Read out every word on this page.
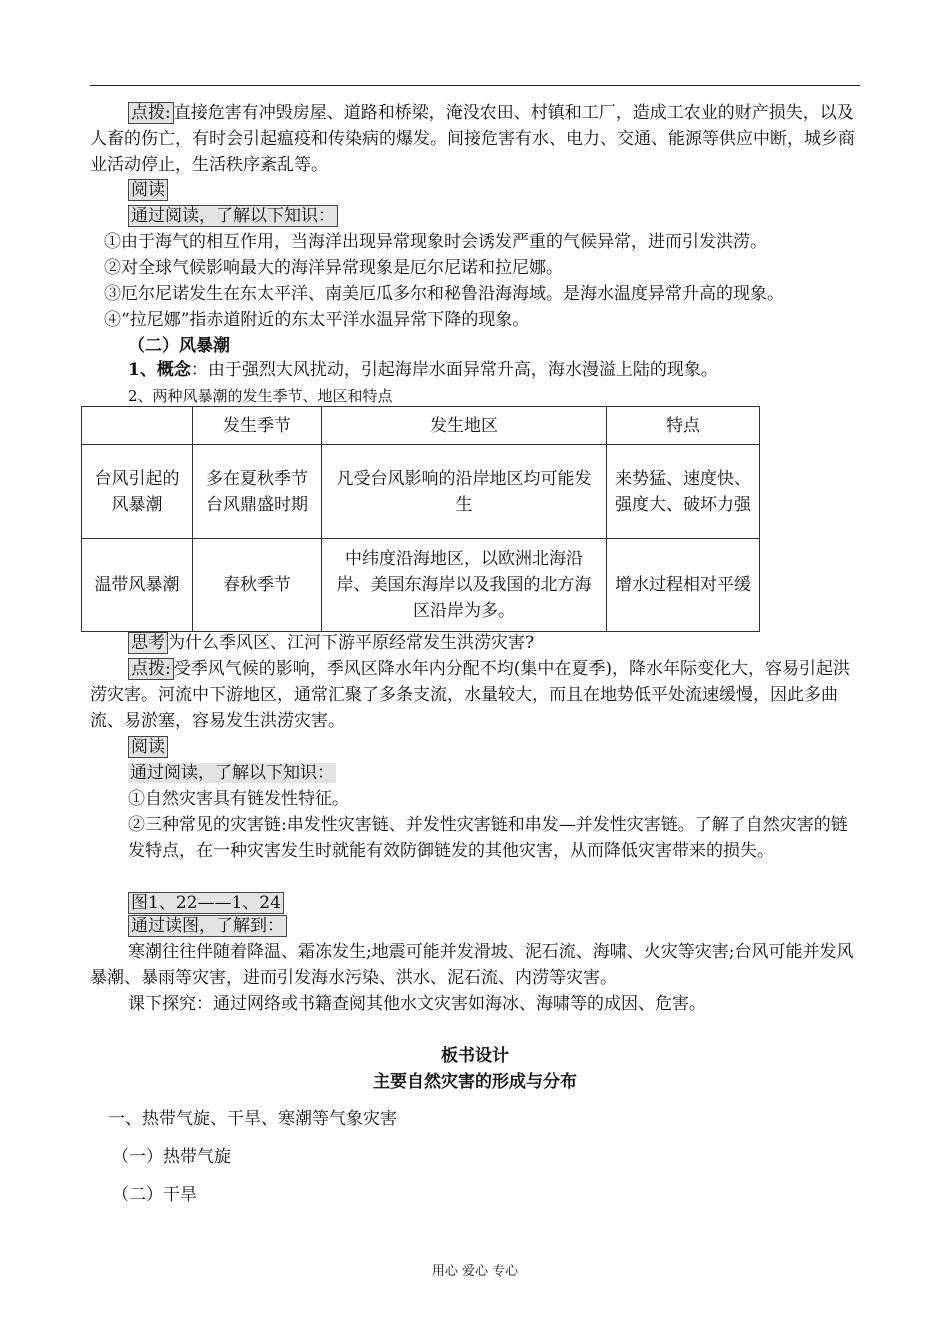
点拨: 直接危害有冲毁房屋、道路和桥梁，淹没农田、村镇和工厂，造成工农业的财产损失，以及人畜的伤亡，有时会引起瘟疫和传染病的爆发。间接危害有水、电力、交通、能源等供应中断，城乡商业活动停止，生活秩序紊乱等。
阅读
通过阅读，了解以下知识：
①由于海气的相互作用，当海洋出现异常现象时会诱发严重的气候异常，进而引发洪涝。
②对全球气候影响最大的海洋异常现象是厄尔尼诺和拉尼娜。
③厄尔尼诺发生在东太平洋、南美厄瓜多尔和秘鲁沿海海域。是海水温度异常升高的现象。
④“拉尼娜”指赤道附近的东太平洋水温异常下降的现象。
（二）风暴潮
1、概念：由于强烈大风扰动，引起海岸水面异常升高，海水漫溢上陆的现象。
2、两种风暴潮的发生季节、地区和特点
	发生季节	发生地区	特点
台风引起的风暴潮	多在夏秋季节台风鼎盛时期	凡受台风影响的沿岸地区均可能发生	来势猛、速度快、强度大、破坏力强
温带风暴潮	春秋季节	中纬度沿海地区，以欧洲北海沿岸、美国东海岸以及我国的北方海区沿岸为多。	增水过程相对平缓
思考 为什么季风区、江河下游平原经常发生洪涝灾害?
点拨: 受季风气候的影响，季风区降水年内分配不均(集中在夏季)，降水年际变化大，容易引起洪涝灾害。河流中下游地区，通常汇聚了多条支流，水量较大，而且在地势低平处流速缓慢，因此多曲流、易淤塞，容易发生洪涝灾害。
阅读
通过阅读，了解以下知识：
①自然灾害具有链发性特征。
②三种常见的灾害链:串发性灾害链、并发性灾害链和串发—并发性灾害链。了解了自然灾害的链发特点，在一种灾害发生时就能有效防御链发的其他灾害，从而降低灾害带来的损失。
图1、22——1、24
通过读图，了解到：
寒潮往往伴随着降温、霜冻发生;地震可能并发滑坡、泥石流、海啸、火灾等灾害;台风可能并发风暴潮、暴雨等灾害，进而引发海水污染、洪水、泥石流、内涝等灾害。
课下探究：通过网络或书籍查阅其他水文灾害如海冰、海啸等的成因、危害。
板书设计
主要自然灾害的形成与分布
一、热带气旋、干旱、寒潮等气象灾害
（一）热带气旋
（二）干旱
用心 爱心 专心
